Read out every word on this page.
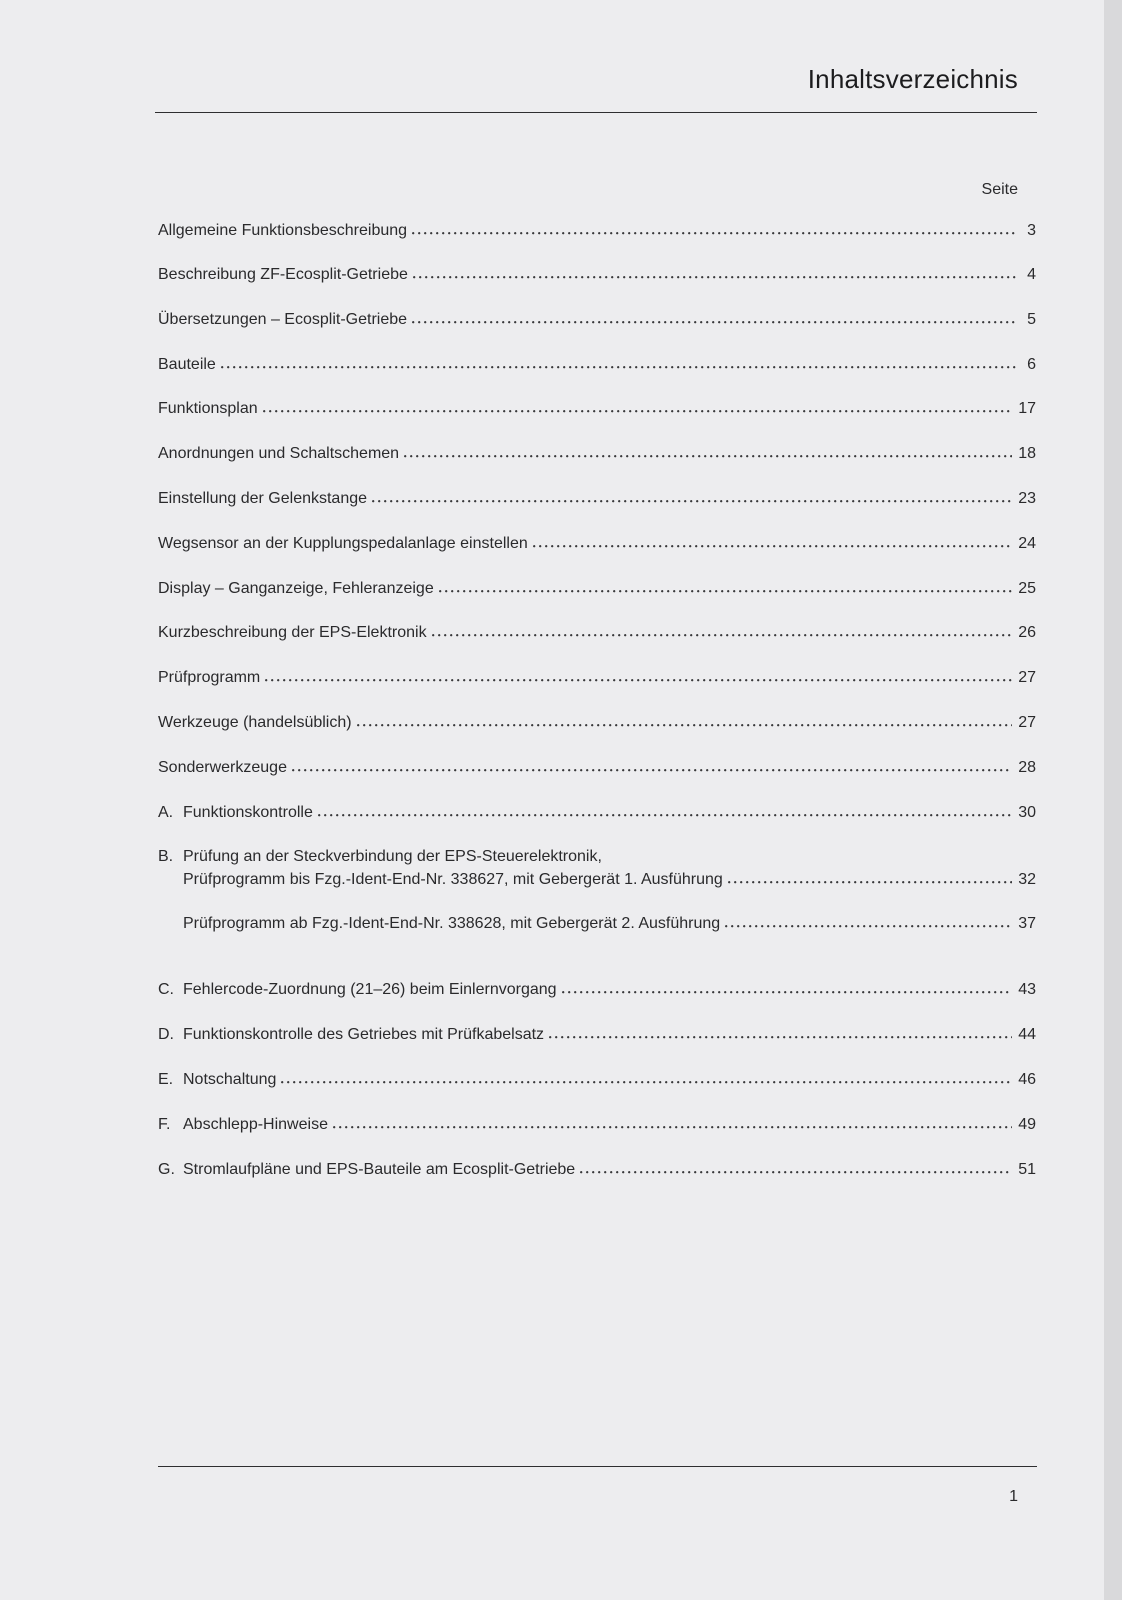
Inhaltsverzeichnis
Seite
Allgemeine Funktionsbeschreibung	3
Beschreibung ZF-Ecosplit-Getriebe	4
Übersetzungen – Ecosplit-Getriebe	5
Bauteile	6
Funktionsplan	17
Anordnungen und Schaltschemen	18
Einstellung der Gelenkstange	23
Wegsensor an der Kupplungspedalanlage einstellen	24
Display – Ganganzeige, Fehleranzeige	25
Kurzbeschreibung der EPS-Elektronik	26
Prüfprogramm	27
Werkzeuge (handelsüblich)	27
Sonderwerkzeuge	28
A. Funktionskontrolle	30
B. Prüfung an der Steckverbindung der EPS-Steuerelektronik,
Prüfprogramm bis Fzg.-Ident-End-Nr. 338627, mit Gebergerät 1. Ausführung	32
Prüfprogramm ab Fzg.-Ident-End-Nr. 338628, mit Gebergerät 2. Ausführung	37
C. Fehlercode-Zuordnung (21–26) beim Einlernvorgang	43
D. Funktionskontrolle des Getriebes mit Prüfkabelsatz	44
E. Notschaltung	46
F. Abschlepp-Hinweise	49
G. Stromlaufpläne und EPS-Bauteile am Ecosplit-Getriebe	51
1
